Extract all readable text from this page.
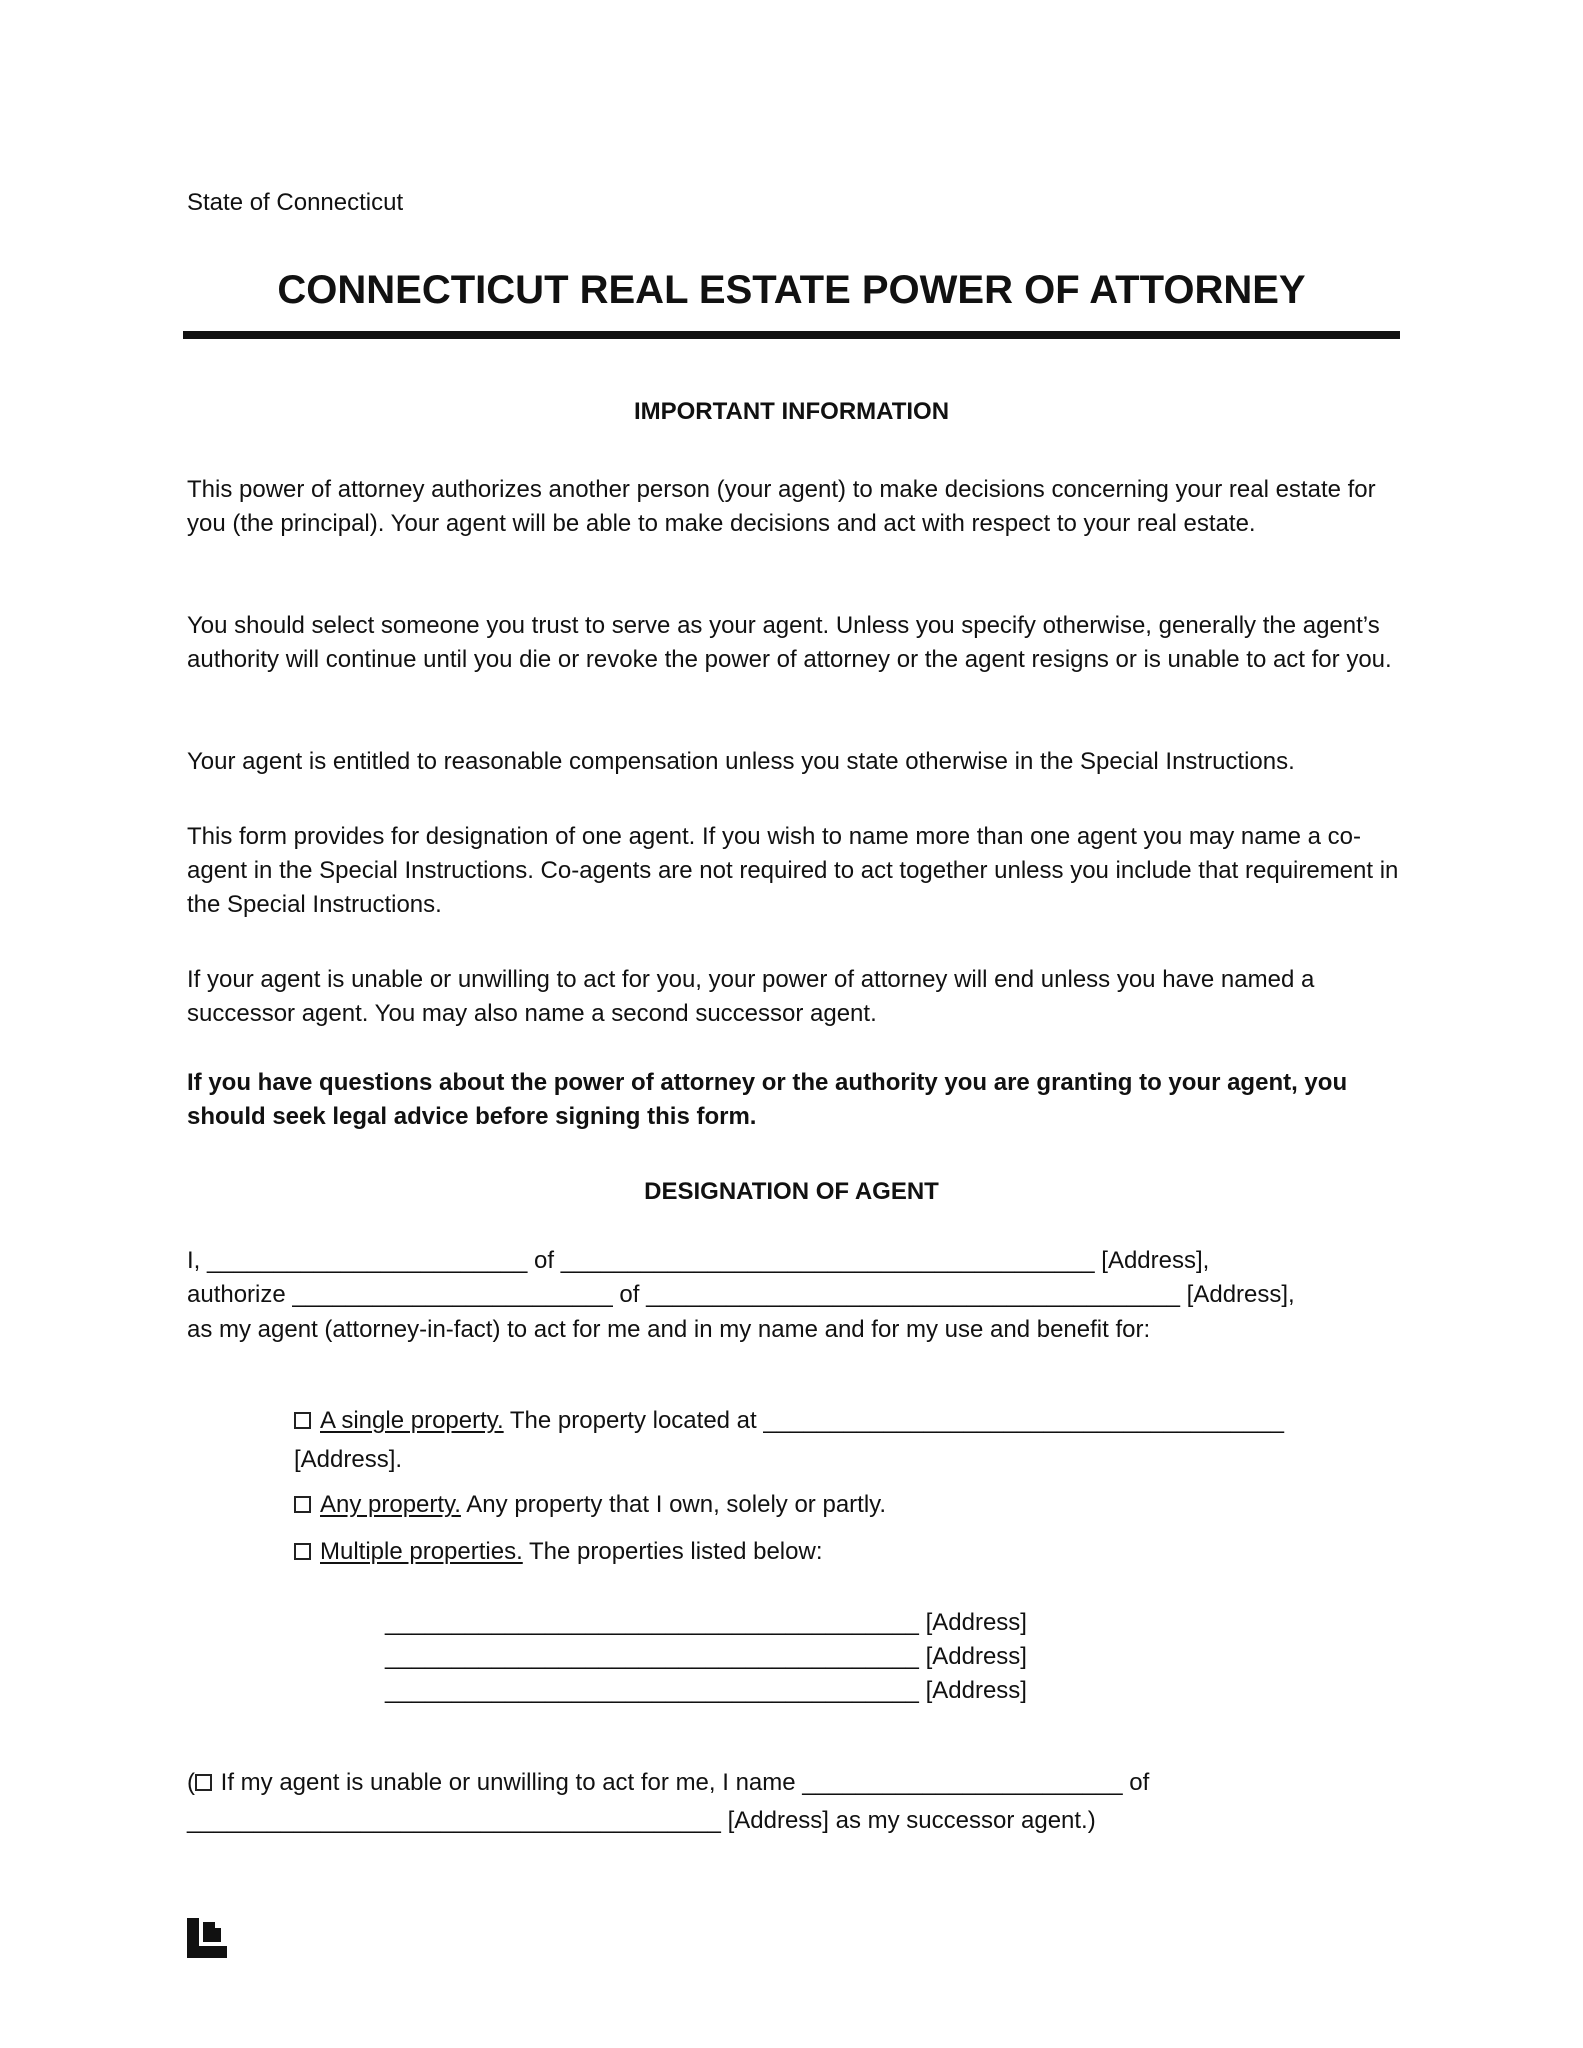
State of Connecticut
CONNECTICUT REAL ESTATE POWER OF ATTORNEY
IMPORTANT INFORMATION
This power of attorney authorizes another person (your agent) to make decisions concerning your real estate for you (the principal). Your agent will be able to make decisions and act with respect to your real estate.
You should select someone you trust to serve as your agent. Unless you specify otherwise, generally the agent’s authority will continue until you die or revoke the power of attorney or the agent resigns or is unable to act for you.
Your agent is entitled to reasonable compensation unless you state otherwise in the Special Instructions.
This form provides for designation of one agent. If you wish to name more than one agent you may name a co-agent in the Special Instructions. Co-agents are not required to act together unless you include that requirement in the Special Instructions.
If your agent is unable or unwilling to act for you, your power of attorney will end unless you have named a successor agent. You may also name a second successor agent.
If you have questions about the power of attorney or the authority you are granting to your agent, you should seek legal advice before signing this form.
DESIGNATION OF AGENT
I, ________________________ of ________________________________________ [Address],
authorize ________________________ of ________________________________________ [Address],
as my agent (attorney-in-fact) to act for me and in my name and for my use and benefit for:
A single property. The property located at _______________________________________
[Address].
Any property. Any property that I own, solely or partly.
Multiple properties. The properties listed below:
________________________________________ [Address]
________________________________________ [Address]
________________________________________ [Address]
( If my agent is unable or unwilling to act for me, I name ________________________ of
________________________________________ [Address] as my successor agent.)
